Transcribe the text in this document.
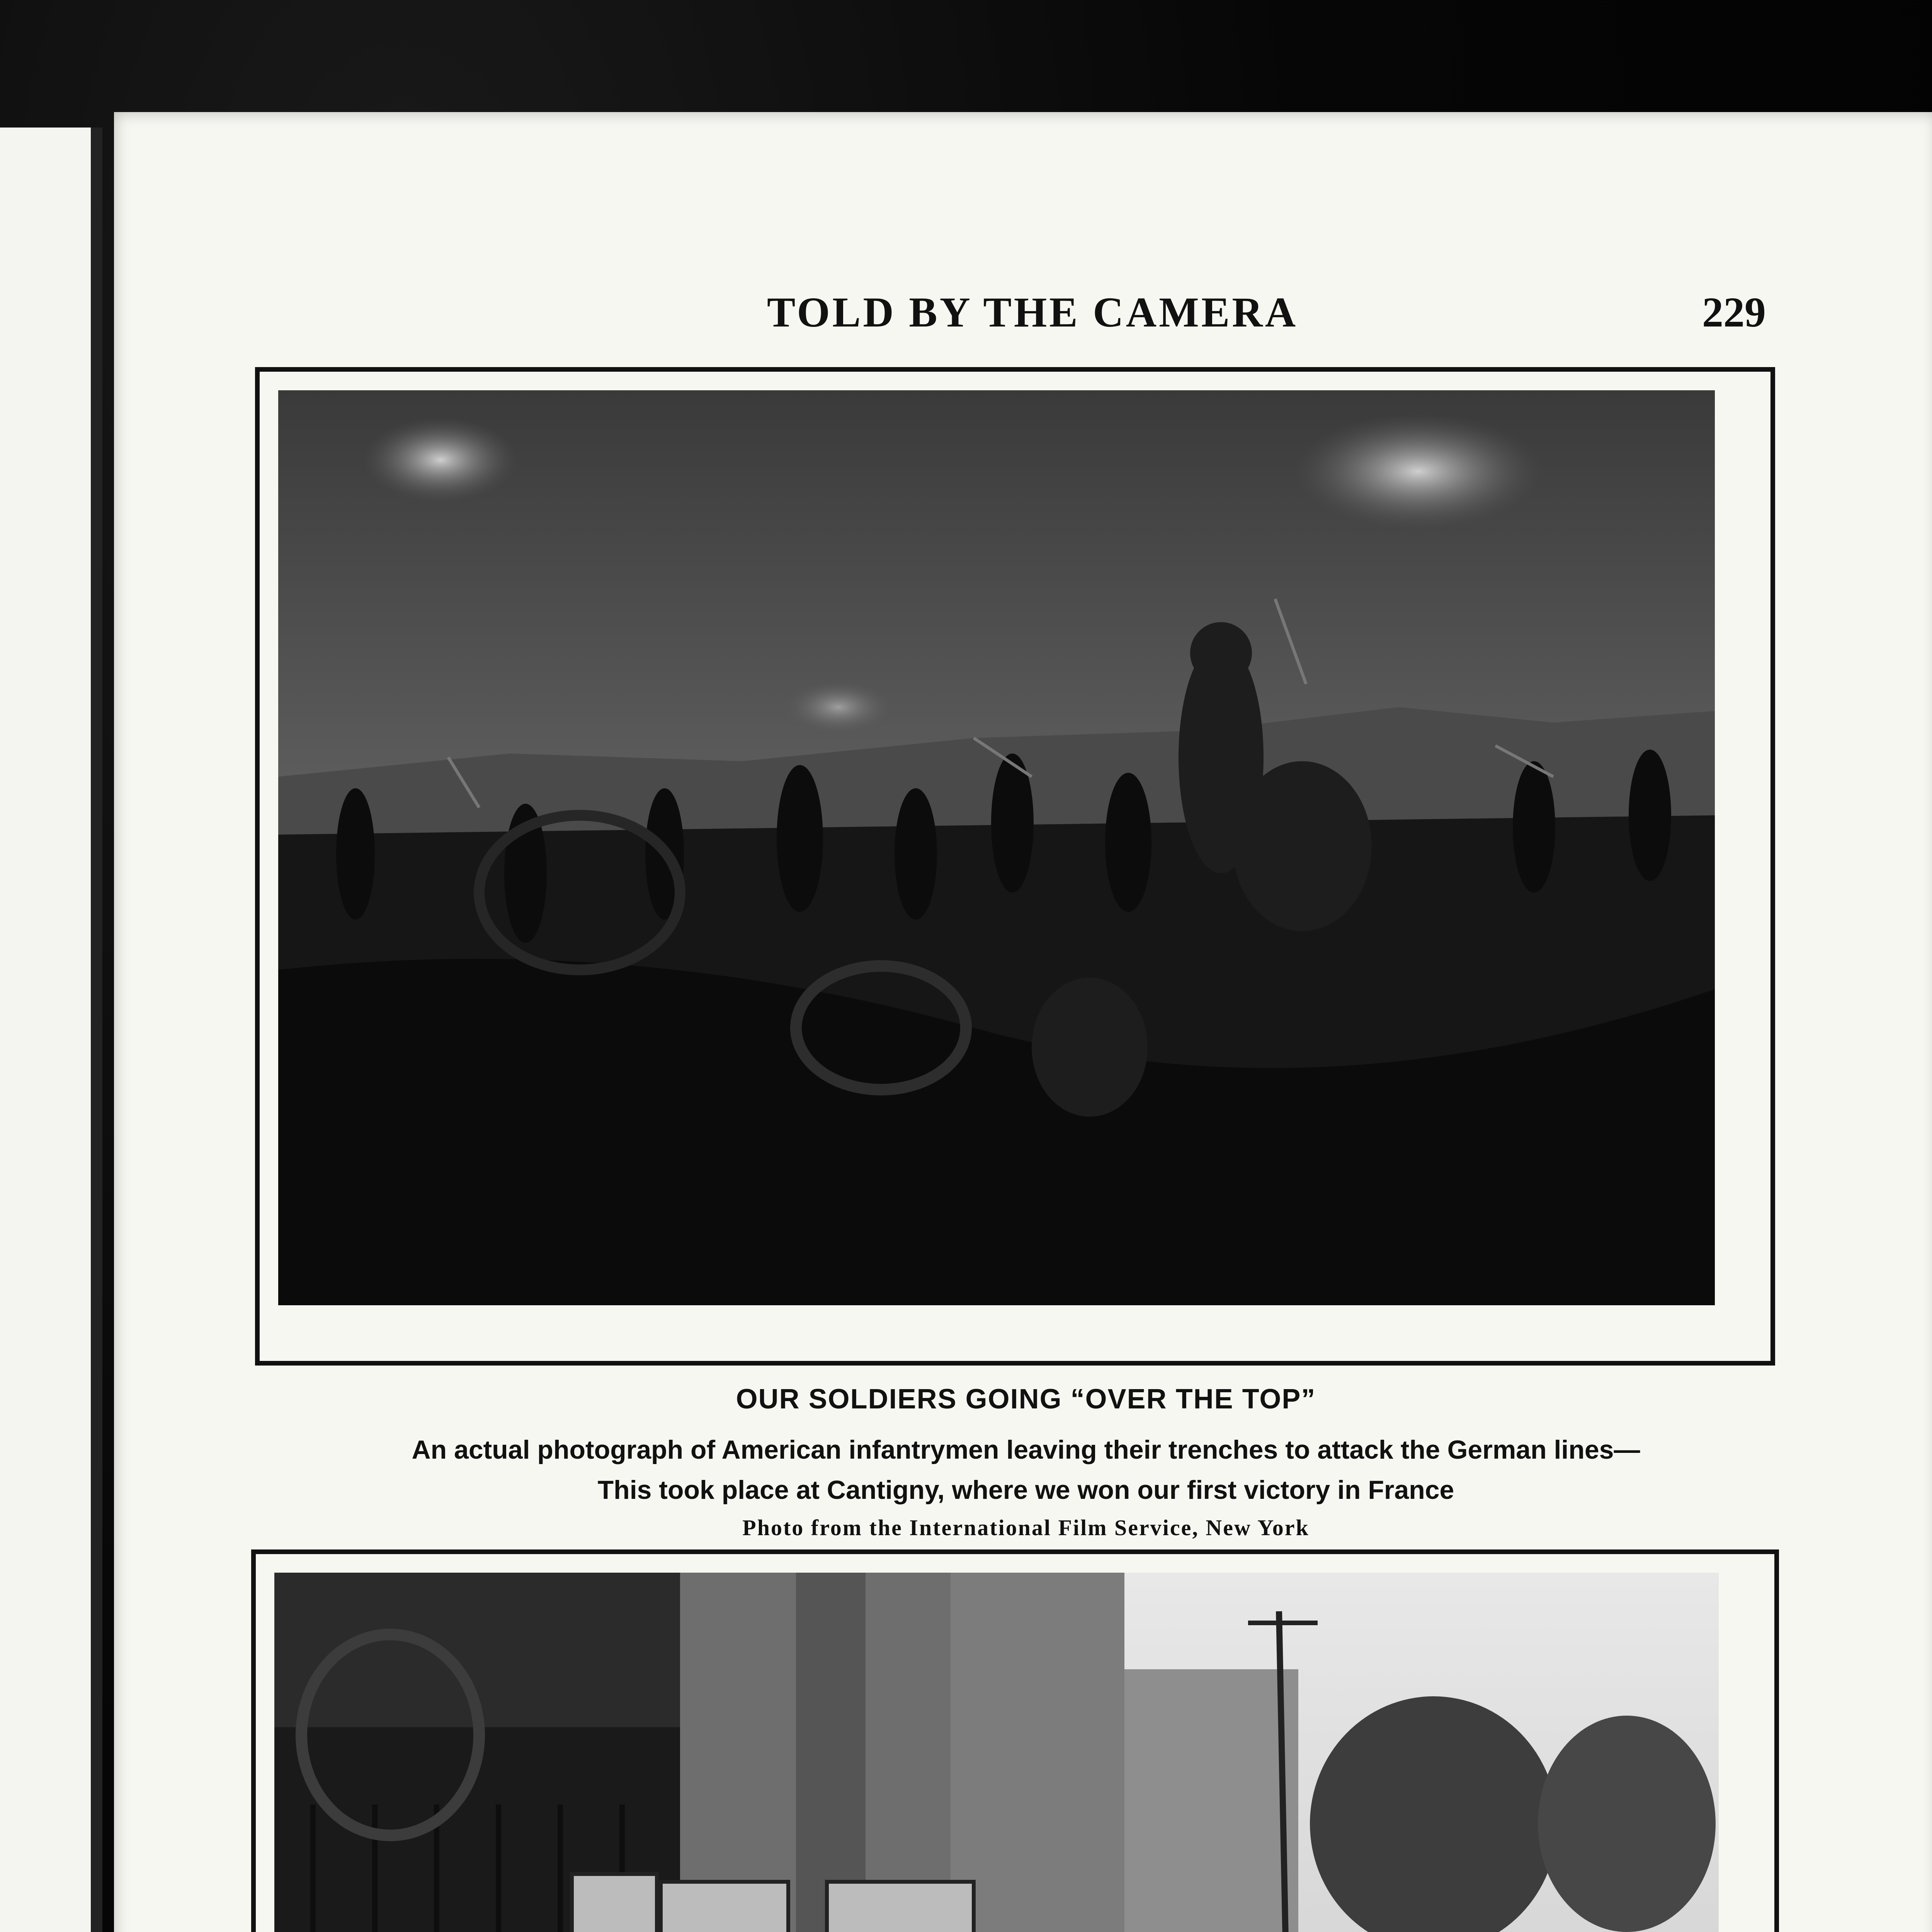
TOLD BY THE CAMERA	229
OUR SOLDIERS GOING “OVER THE TOP”
An actual photograph of American infantrymen leaving their trenches to attack the German lines—
This took place at Cantigny, where we won our first victory in France
Photo from the International Film Service, New York
